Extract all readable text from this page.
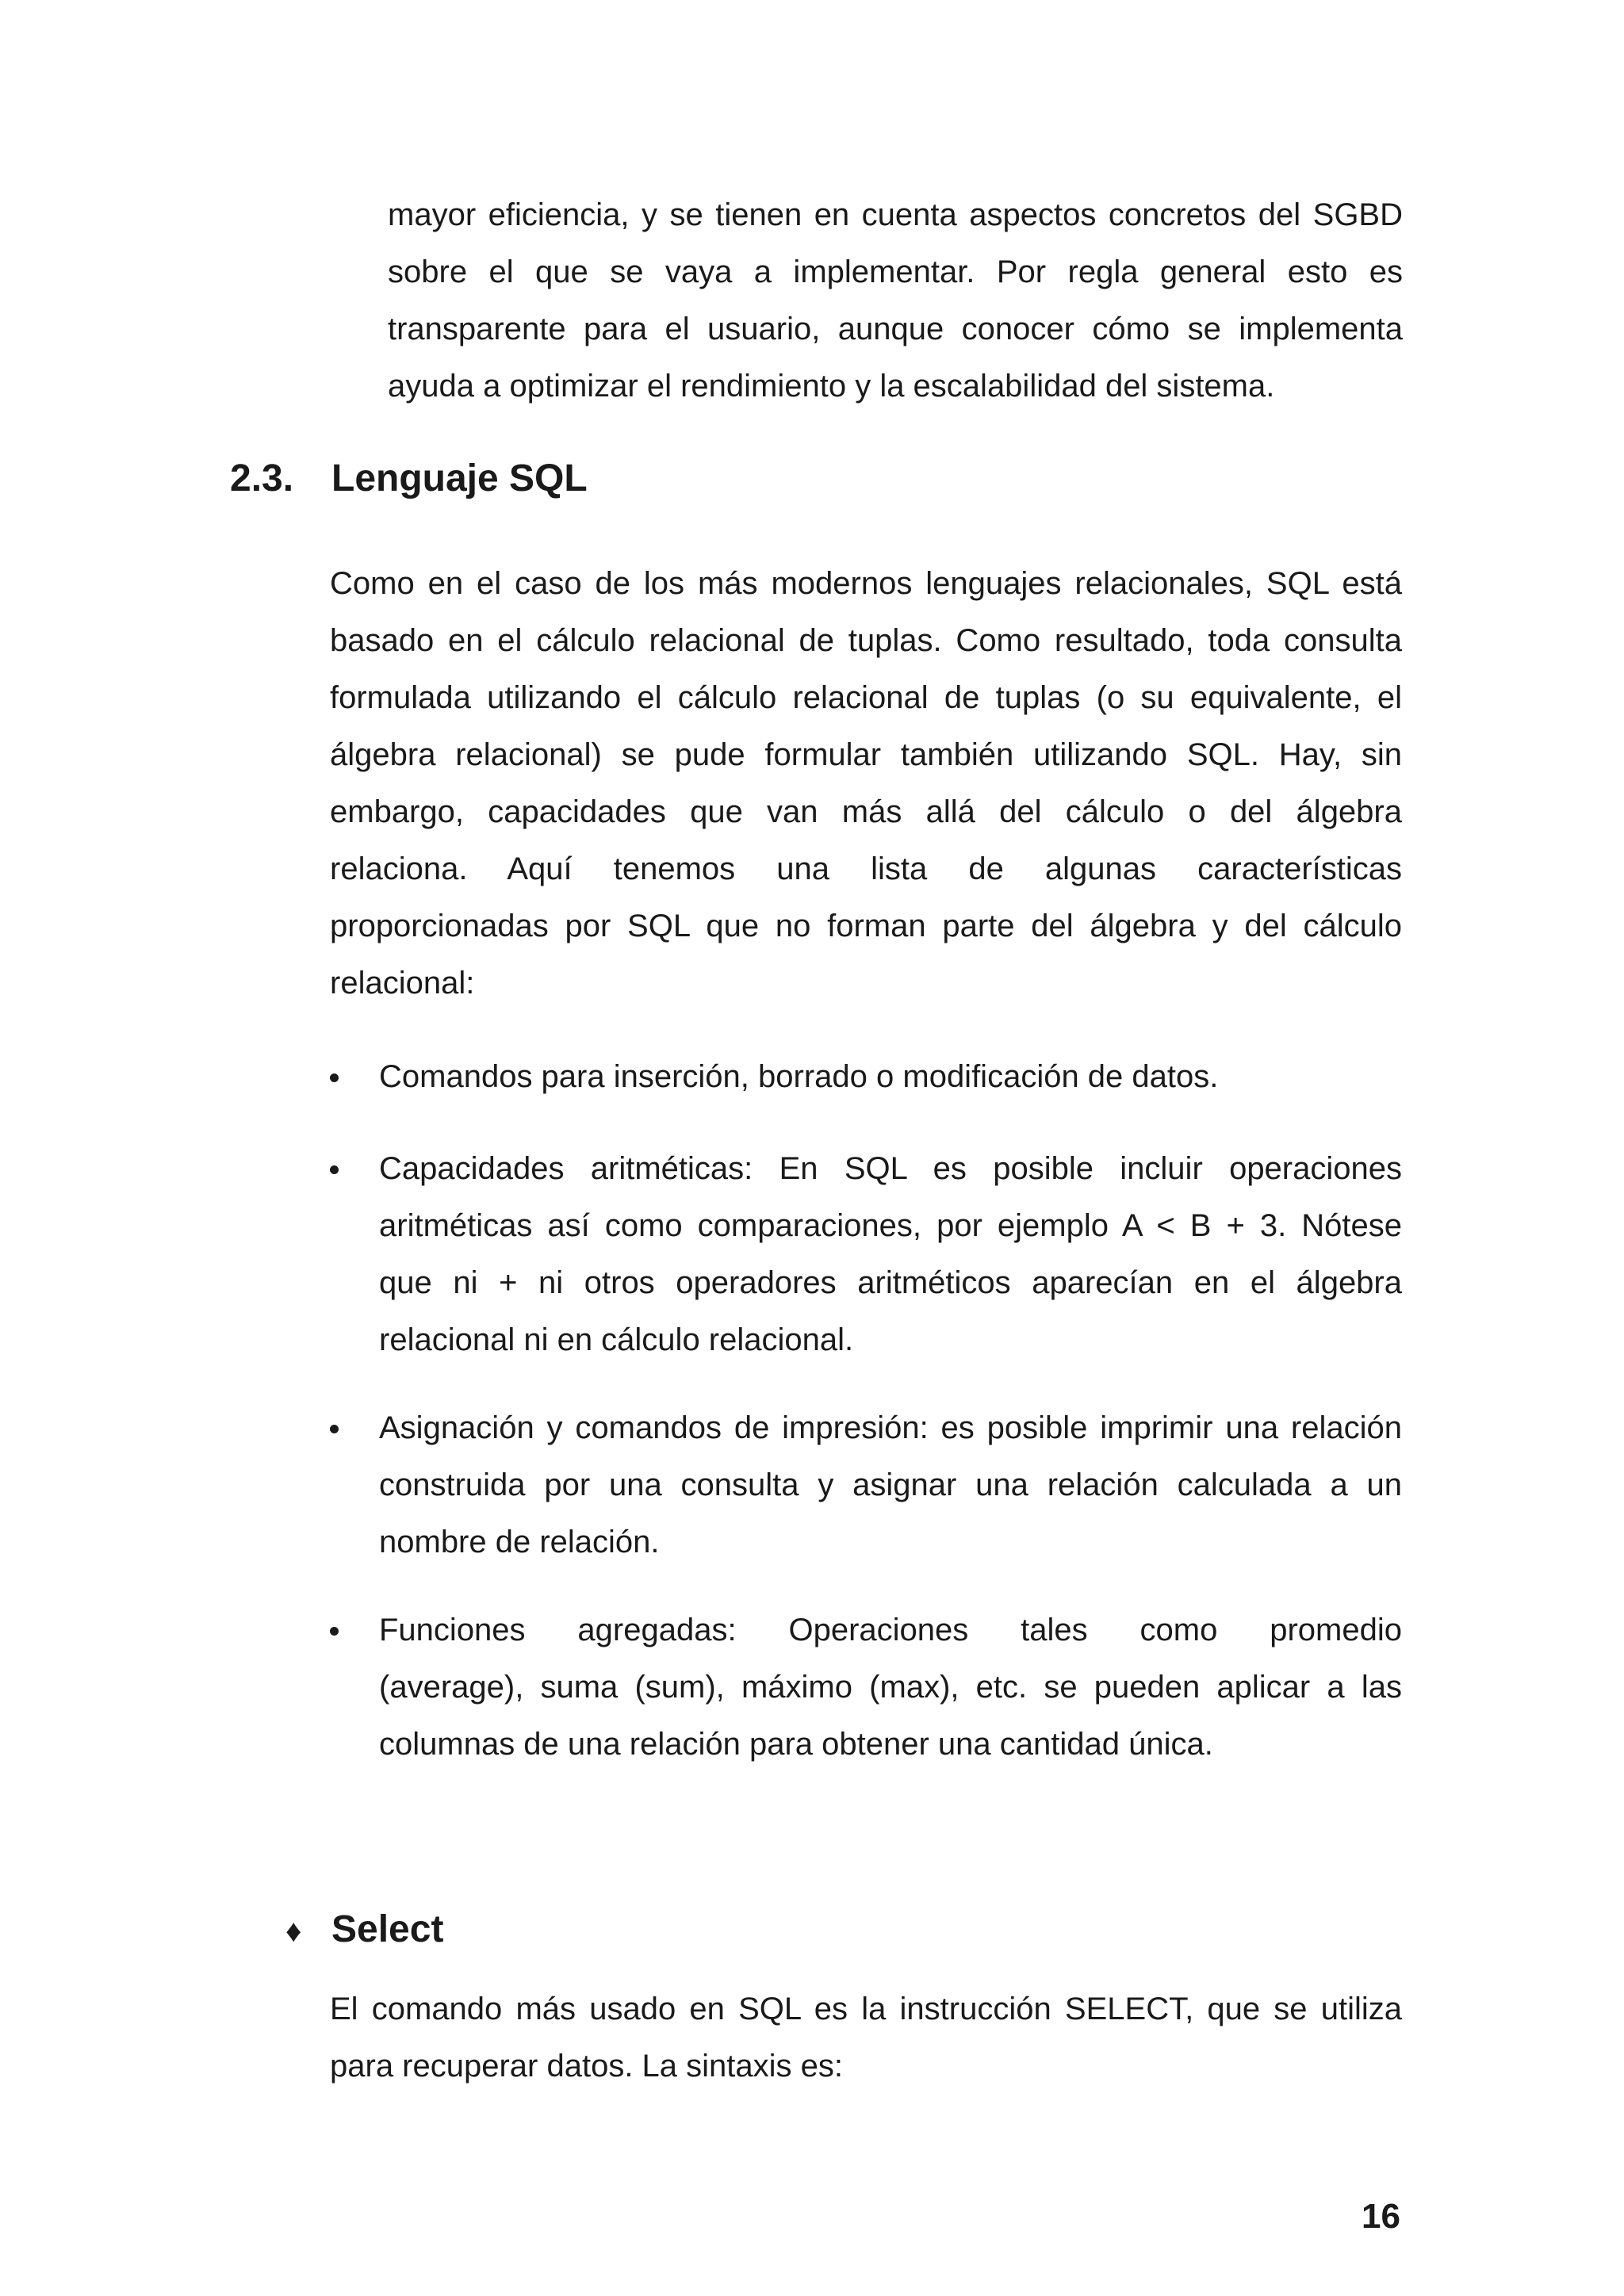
mayor eficiencia, y se tienen en cuenta aspectos concretos del SGBD
sobre el que se vaya a implementar. Por regla general esto es
transparente para el usuario, aunque conocer cómo se implementa
ayuda a optimizar el rendimiento y la escalabilidad del sistema.

2.3. Lenguaje SQL

Como en el caso de los más modernos lenguajes relacionales, SQL está
basado en el cálculo relacional de tuplas. Como resultado, toda consulta
formulada utilizando el cálculo relacional de tuplas (o su equivalente, el
álgebra relacional) se pude formular también utilizando SQL. Hay, sin
embargo, capacidades que van más allá del cálculo o del álgebra
relaciona. Aquí tenemos una lista de algunas características
proporcionadas por SQL que no forman parte del álgebra y del cálculo
relacional:

Comandos para inserción, borrado o modificación de datos.
Capacidades aritméticas: En SQL es posible incluir operaciones
aritméticas así como comparaciones, por ejemplo A < B + 3. Nótese
que ni + ni otros operadores aritméticos aparecían en el álgebra
relacional ni en cálculo relacional.
Asignación y comandos de impresión: es posible imprimir una relación
construida por una consulta y asignar una relación calculada a un
nombre de relación.
Funciones agregadas: Operaciones tales como promedio
(average), suma (sum), máximo (max), etc. se pueden aplicar a las
columnas de una relación para obtener una cantidad única.
♦ Select

El comando más usado en SQL es la instrucción SELECT, que se utiliza
para recuperar datos. La sintaxis es:

16
